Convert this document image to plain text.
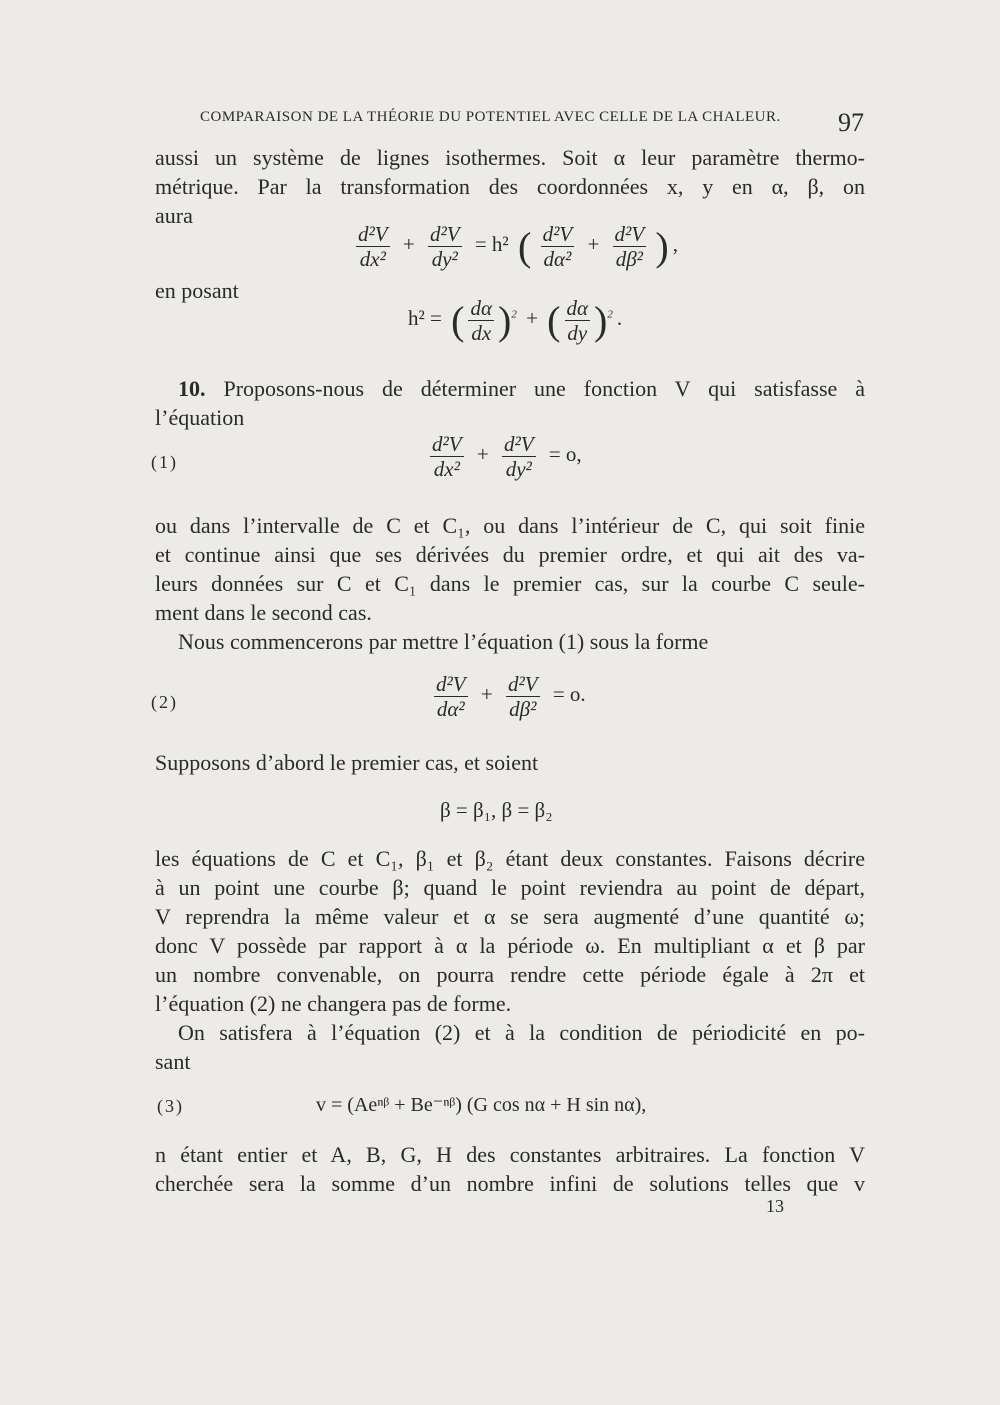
COMPARAISON DE LA THÉORIE DU POTENTIEL AVEC CELLE DE LA CHALEUR. 97
aussi un système de lignes isothermes. Soit α leur paramètre thermo-
métrique. Par la transformation des coordonnées x, y en α, β, on
aura
$\frac{\text{d²V}}{\text{dx²}} + \frac{\text{d²V}}{\text{dy²}} = h^2$ ( $\frac{\text{d²V}}{\text{dα²}} + \frac{\text{d²V}}{\text{dβ²}}$ ) ,
en posant
h² = ( $\frac{d\alpha}{dx} )^2$ + ( $\frac{d\alpha}{dy} )^2$ .
10. Proposons-nous de déterminer une fonction V qui satisfasse à
l’équation
(1)	$\frac{\text{d²V}}{\text{dx²}} + \frac{\text{d²V}}{\text{dy²}} = o$,
ou dans l’intervalle de C et C₁, ou dans l’intérieur de C, qui soit finie
et continue ainsi que ses dérivées du premier ordre, et qui ait des va-
leurs données sur C et C₁ dans le premier cas, sur la courbe C seule-
ment dans le second cas.
Nous commencerons par mettre l’équation (1) sous la forme
(2)	$\frac{\text{d²V}}{\text{dα²}} + \frac{\text{d²V}}{\text{dβ²}} = o$.
Supposons d’abord le premier cas, et soient
β = β₁, β = β₂
les équations de C et C₁, β₁ et β₂ étant deux constantes. Faisons décrire
à un point une courbe β; quand le point reviendra au point de départ,
V reprendra la même valeur et α se sera augmenté d’une quantité ω;
donc V possède par rapport à α la période ω. En multipliant α et β par
un nombre convenable, on pourra rendre cette période égale à 2π et
l’équation (2) ne changera pas de forme.
On satisfera à l’équation (2) et à la condition de périodicité en po-
sant
(3)	v = (Aeⁿᵝ + Be⁻ⁿᵝ) (G cos nα + H sin nα),
n étant entier et A, B, G, H des constantes arbitraires. La fonction V
cherchée sera la somme d’un nombre infini de solutions telles que v
13
